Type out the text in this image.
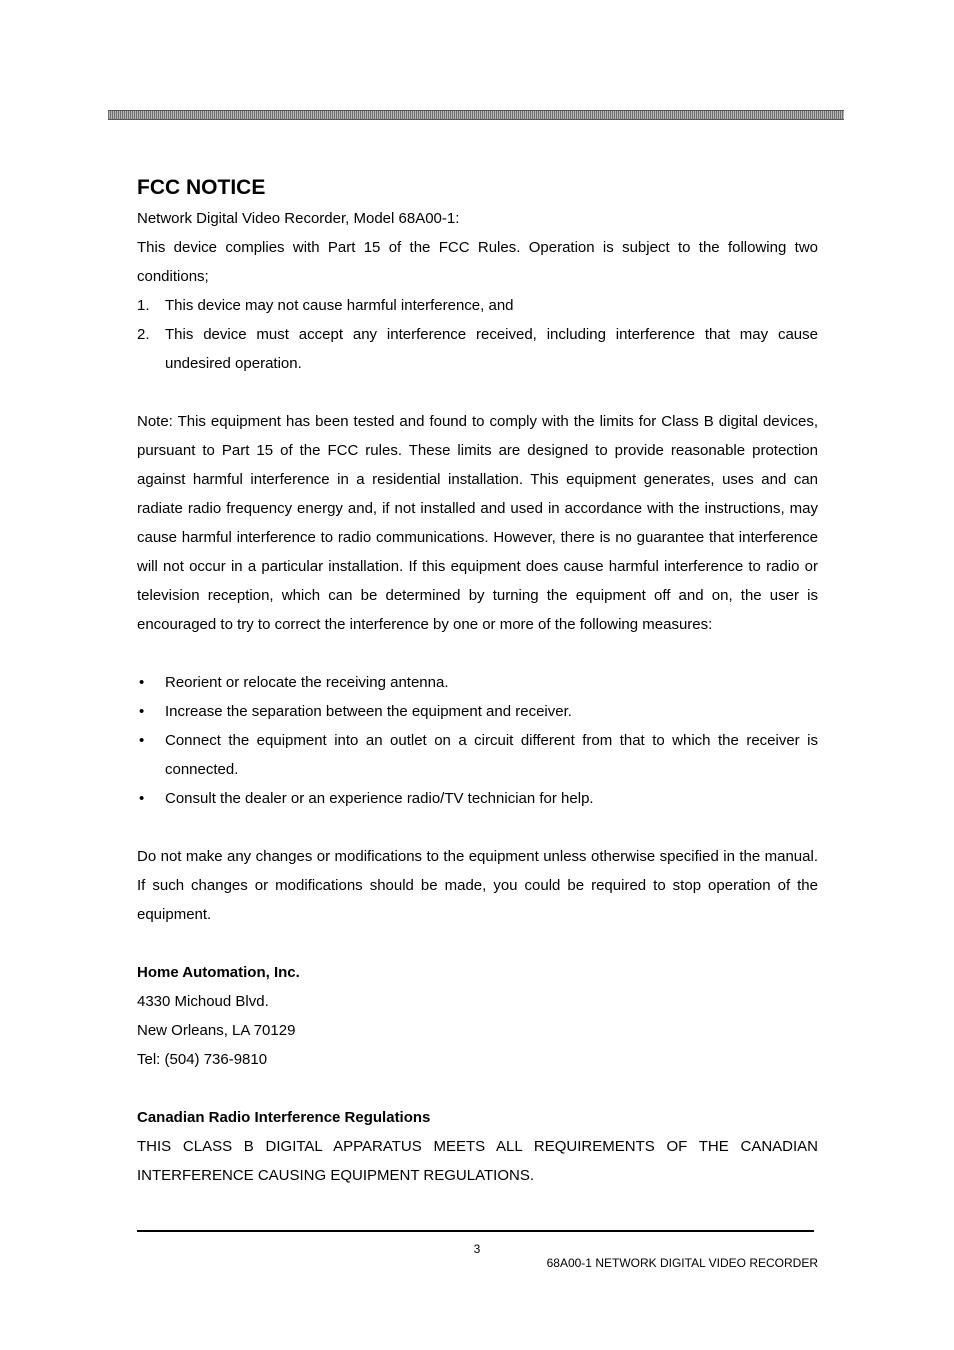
FCC NOTICE

Network Digital Video Recorder, Model 68A00-1:

This device complies with Part 15 of the FCC Rules. Operation is subject to the following two conditions;

1. This device may not cause harmful interference, and
2. This device must accept any interference received, including interference that may cause undesired operation.

Note: This equipment has been tested and found to comply with the limits for Class B digital devices, pursuant to Part 15 of the FCC rules. These limits are designed to provide reasonable protection against harmful interference in a residential installation. This equipment generates, uses and can radiate radio frequency energy and, if not installed and used in accordance with the instructions, may cause harmful interference to radio communications. However, there is no guarantee that interference will not occur in a particular installation. If this equipment does cause harmful interference to radio or television reception, which can be determined by turning the equipment off and on, the user is encouraged to try to correct the interference by one or more of the following measures:

• Reorient or relocate the receiving antenna.
• Increase the separation between the equipment and receiver.
• Connect the equipment into an outlet on a circuit different from that to which the receiver is connected.
• Consult the dealer or an experience radio/TV technician for help.

Do not make any changes or modifications to the equipment unless otherwise specified in the manual. If such changes or modifications should be made, you could be required to stop operation of the equipment.

Home Automation, Inc.

4330 Michoud Blvd.

New Orleans, LA 70129

Tel: (504) 736-9810

Canadian Radio Interference Regulations

THIS CLASS B DIGITAL APPARATUS MEETS ALL REQUIREMENTS OF THE CANADIAN INTERFERENCE CAUSING EQUIPMENT REGULATIONS.

3
68A00-1 NETWORK DIGITAL VIDEO RECORDER
